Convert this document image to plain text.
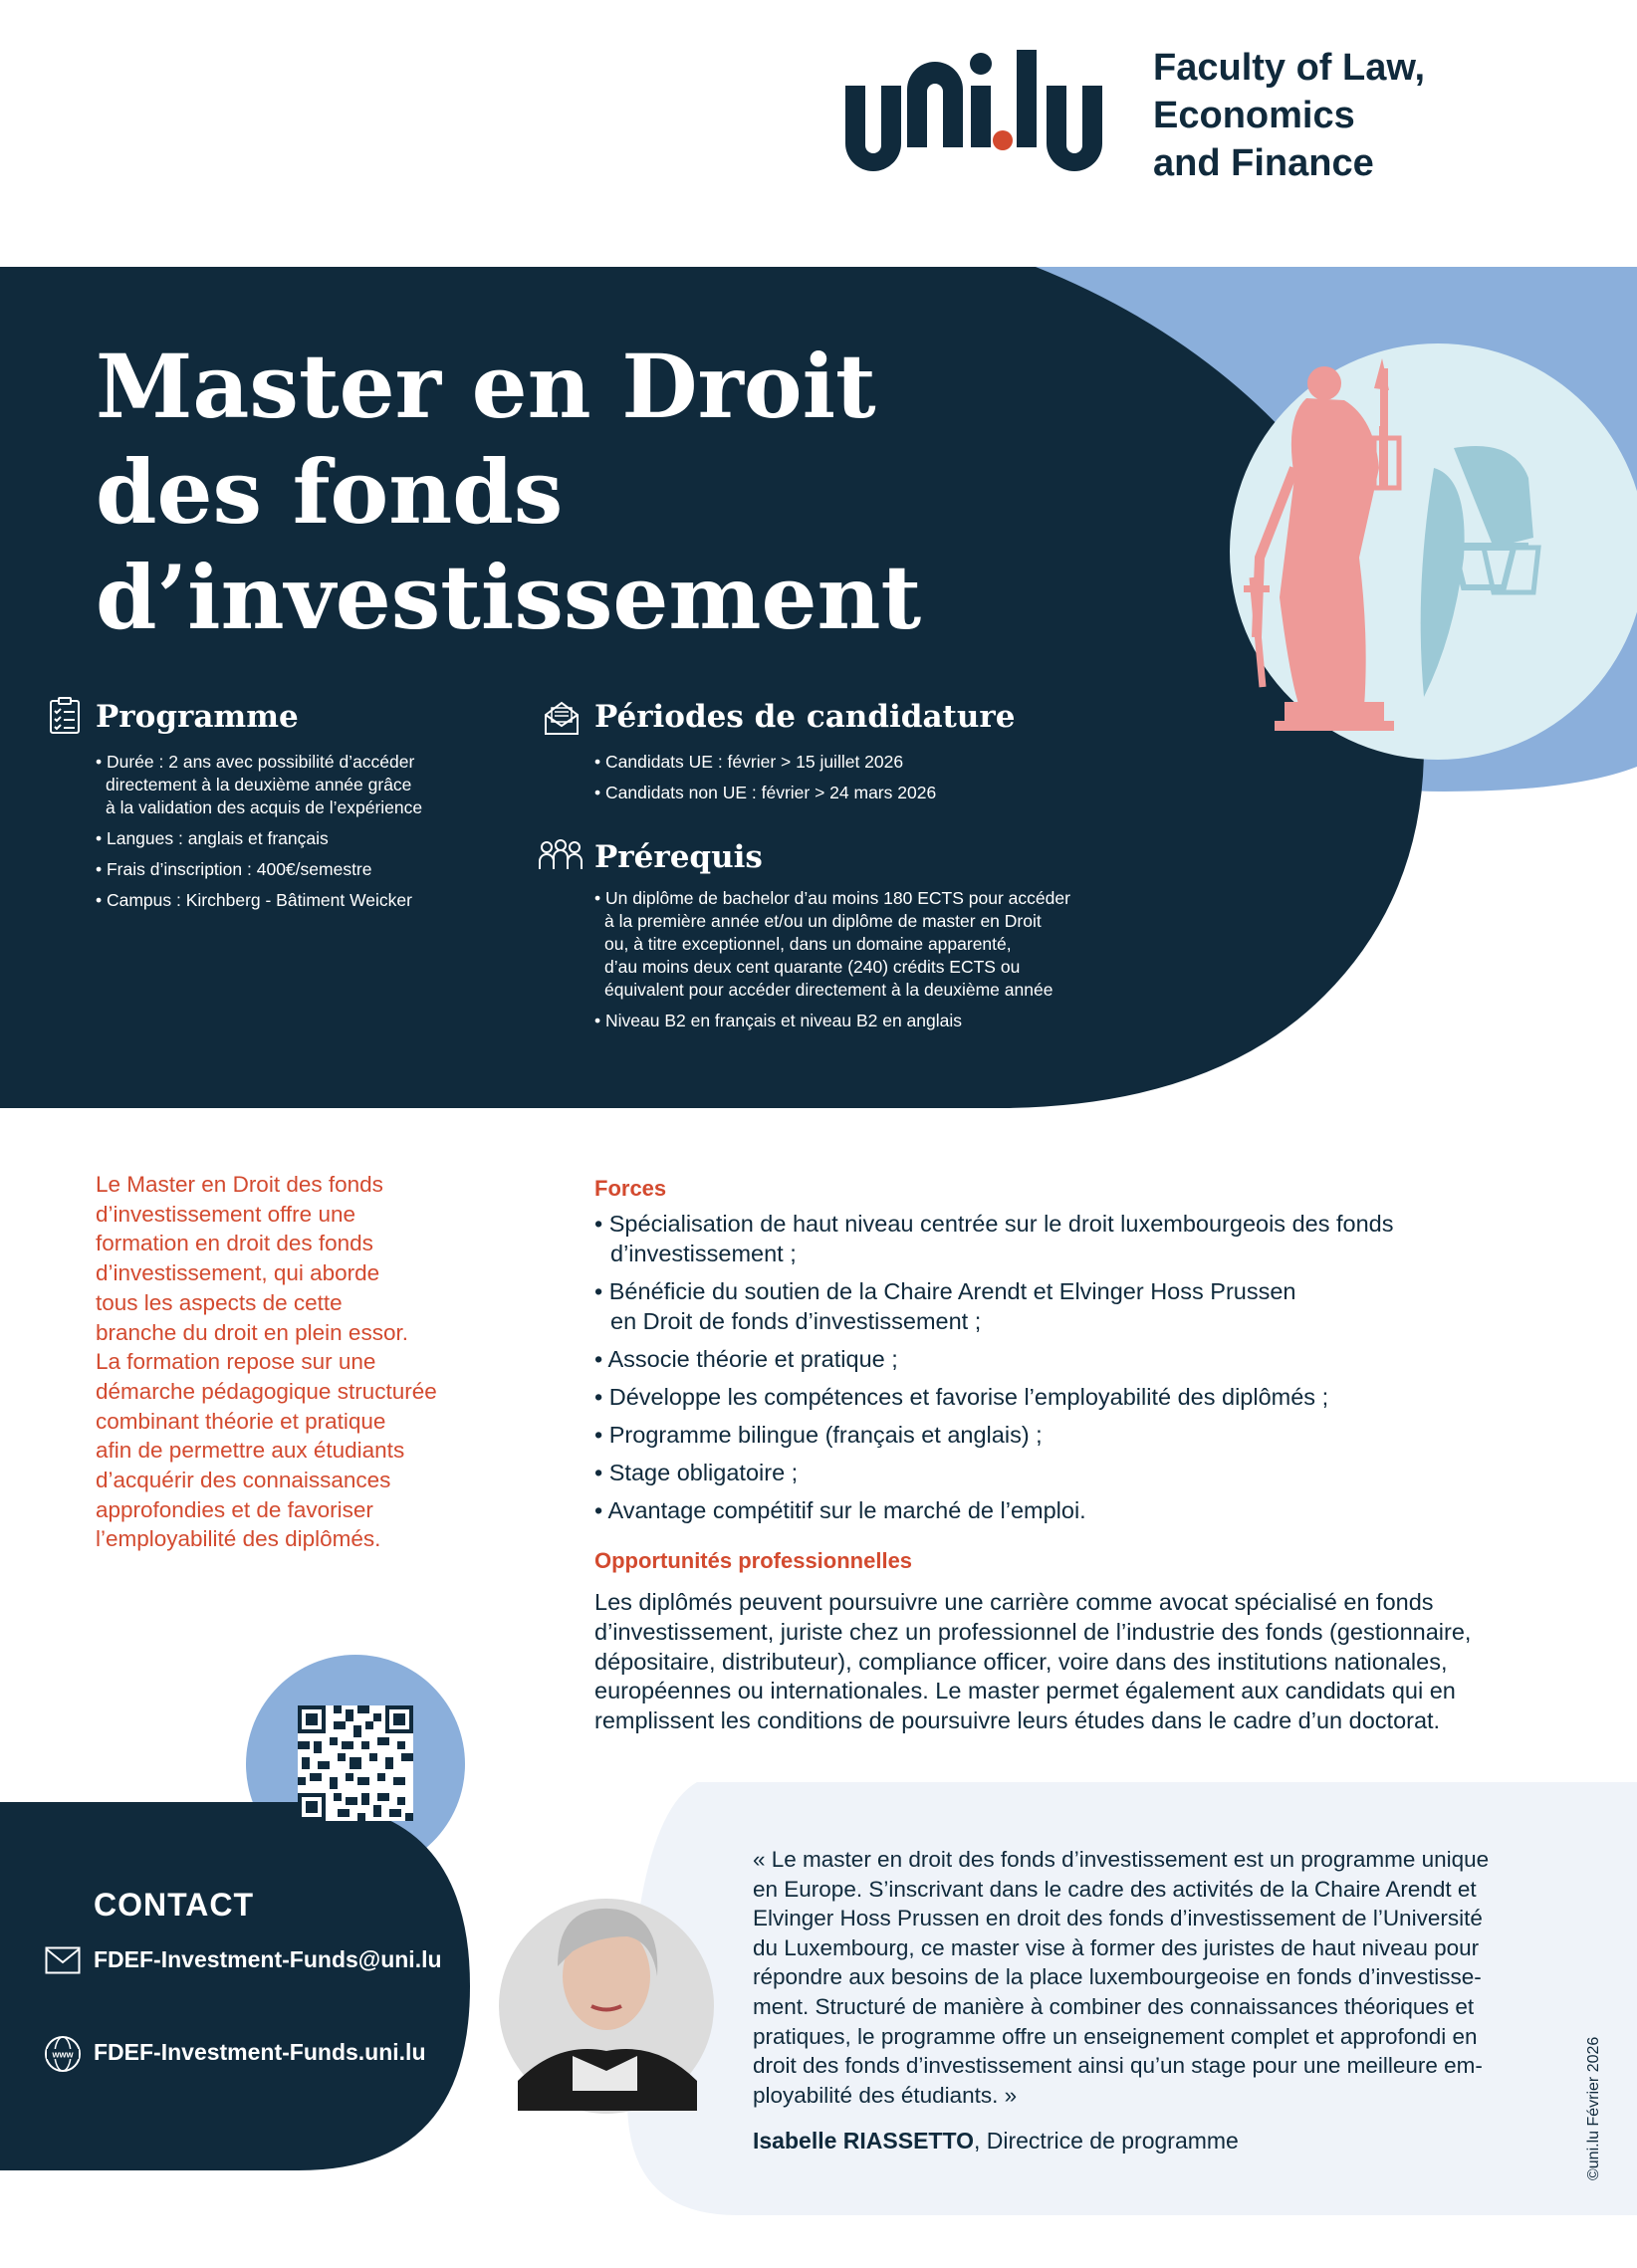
Faculty of Law,
Economics
and Finance
Master en Droit
des fonds
d’investissement
Programme
• Durée : 2 ans avec possibilité d’accéder
directement à la deuxième année grâce
à la validation des acquis de l’expérience
• Langues : anglais et français
• Frais d’inscription : 400€/semestre
• Campus : Kirchberg - Bâtiment Weicker
Périodes de candidature
• Candidats UE : février > 15 juillet 2026
• Candidats non UE : février > 24 mars 2026
Prérequis
• Un diplôme de bachelor d’au moins 180 ECTS pour accéder
à la première année et/ou un diplôme de master en Droit
ou, à titre exceptionnel, dans un domaine apparenté,
d’au moins deux cent quarante (240) crédits ECTS ou
équivalent pour accéder directement à la deuxième année
• Niveau B2 en français et niveau B2 en anglais
Le Master en Droit des fonds
d’investissement offre une
formation en droit des fonds
d’investissement, qui aborde
tous les aspects de cette
branche du droit en plein essor.
La formation repose sur une
démarche pédagogique structurée
combinant théorie et pratique
afin de permettre aux étudiants
d’acquérir des connaissances
approfondies et de favoriser
l’employabilité des diplômés.
Forces
• Spécialisation de haut niveau centrée sur le droit luxembourgeois des fonds
d’investissement ;
• Bénéficie du soutien de la Chaire Arendt et Elvinger Hoss Prussen
en Droit de fonds d’investissement ;
• Associe théorie et pratique ;
• Développe les compétences et favorise l’employabilité des diplômés ;
• Programme bilingue (français et anglais) ;
• Stage obligatoire ;
• Avantage compétitif sur le marché de l’emploi.
Opportunités professionnelles
Les diplômés peuvent poursuivre une carrière comme avocat spécialisé en fonds
d’investissement, juriste chez un professionnel de l’industrie des fonds (gestionnaire,
dépositaire, distributeur), compliance officer, voire dans des institutions nationales,
européennes ou internationales. Le master permet également aux candidats qui en
remplissent les conditions de poursuivre leurs études dans le cadre d’un doctorat.
CONTACT
FDEF-Investment-Funds@uni.lu
www FDEF-Investment-Funds.uni.lu
« Le master en droit des fonds d’investissement est un programme unique
en Europe. S’inscrivant dans le cadre des activités de la Chaire Arendt et
Elvinger Hoss Prussen en droit des fonds d’investissement de l’Université
du Luxembourg, ce master vise à former des juristes de haut niveau pour
répondre aux besoins de la place luxembourgeoise en fonds d’investisse-
ment. Structuré de manière à combiner des connaissances théoriques et
pratiques, le programme offre un enseignement complet et approfondi en
droit des fonds d’investissement ainsi qu’un stage pour une meilleure em-
ployabilité des étudiants. »
Isabelle RIASSETTO, Directrice de programme	©uni.lu Février 2026
